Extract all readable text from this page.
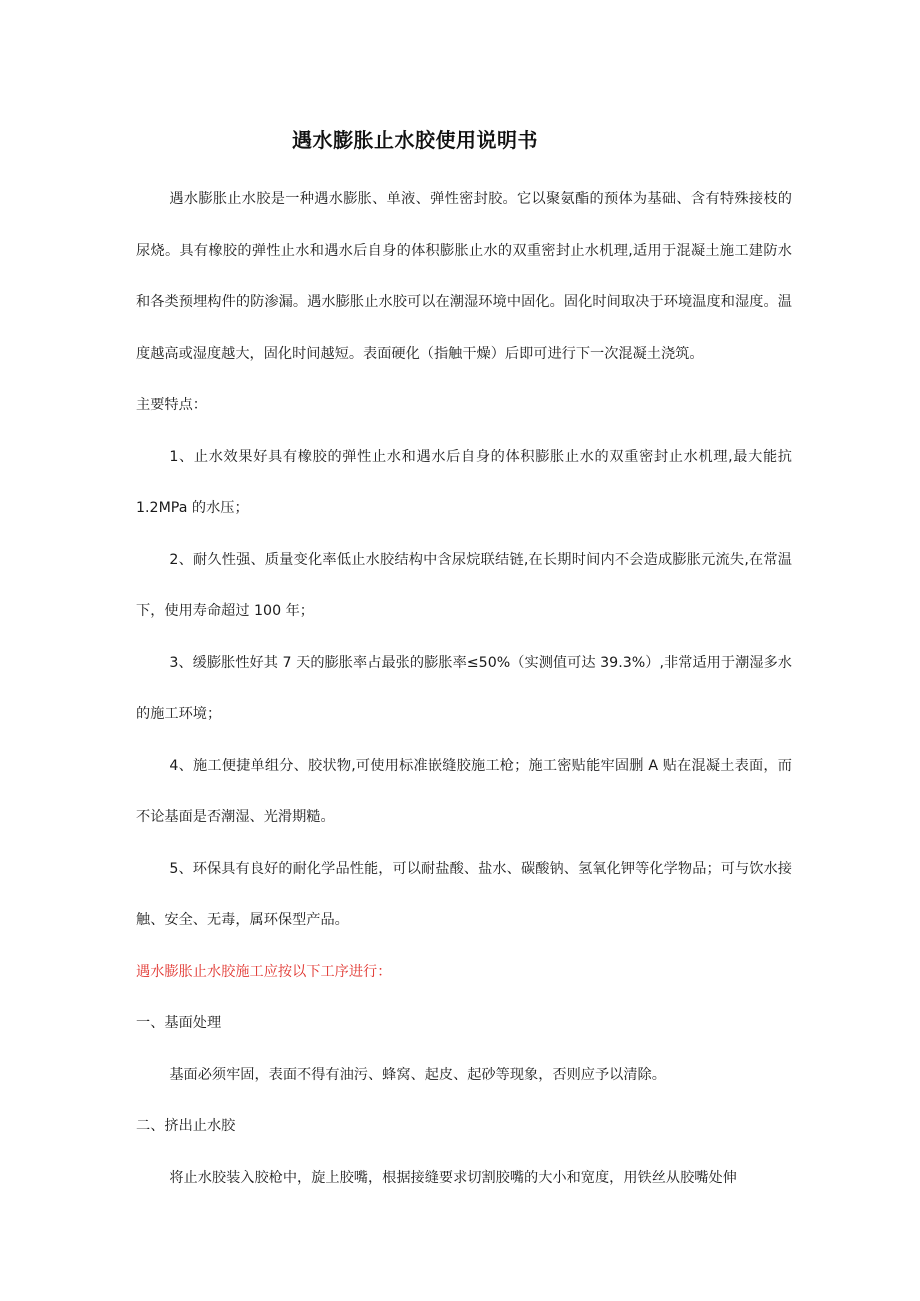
遇水膨胀止水胶使用说明书

遇水膨胀止水胶是一种遇水膨胀、单液、弹性密封胶。它以聚氨酯的预体为基础、含有特殊接枝的尿烧。具有橡胶的弹性止水和遇水后自身的体积膨胀止水的双重密封止水机理,适用于混凝土施工建防水和各类预埋构件的防渗漏。遇水膨胀止水胶可以在潮湿环境中固化。固化时间取决于环境温度和湿度。温度越高或湿度越大，固化时间越短。表面硬化（指触干燥）后即可进行下一次混凝土浇筑。

主要特点：

1、止水效果好具有橡胶的弹性止水和遇水后自身的体积膨胀止水的双重密封止水机理,最大能抗 1.2MPa 的水压；

2、耐久性强、质量变化率低止水胶结构中含尿烷联结链,在长期时间内不会造成膨胀元流失,在常温下，使用寿命超过 100 年；

3、缓膨胀性好其 7 天的膨胀率占最张的膨胀率≤50%（实测值可达 39.3%）,非常适用于潮湿多水的施工环境；

4、施工便捷单组分、胶状物,可使用标准嵌缝胶施工枪；施工密贴能牢固删 A 贴在混凝土表面，而不论基面是否潮湿、光滑期糙。

5、环保具有良好的耐化学品性能，可以耐盐酸、盐水、碳酸钠、氢氧化钾等化学物品；可与饮水接触、安全、无毒，属环保型产品。

遇水膨胀止水胶施工应按以下工序进行：

一、基面处理

基面必须牢固，表面不得有油污、蜂窝、起皮、起砂等现象，否则应予以清除。

二、挤出止水胶

将止水胶装入胶枪中，旋上胶嘴，根据接缝要求切割胶嘴的大小和宽度，用铁丝从胶嘴处伸
